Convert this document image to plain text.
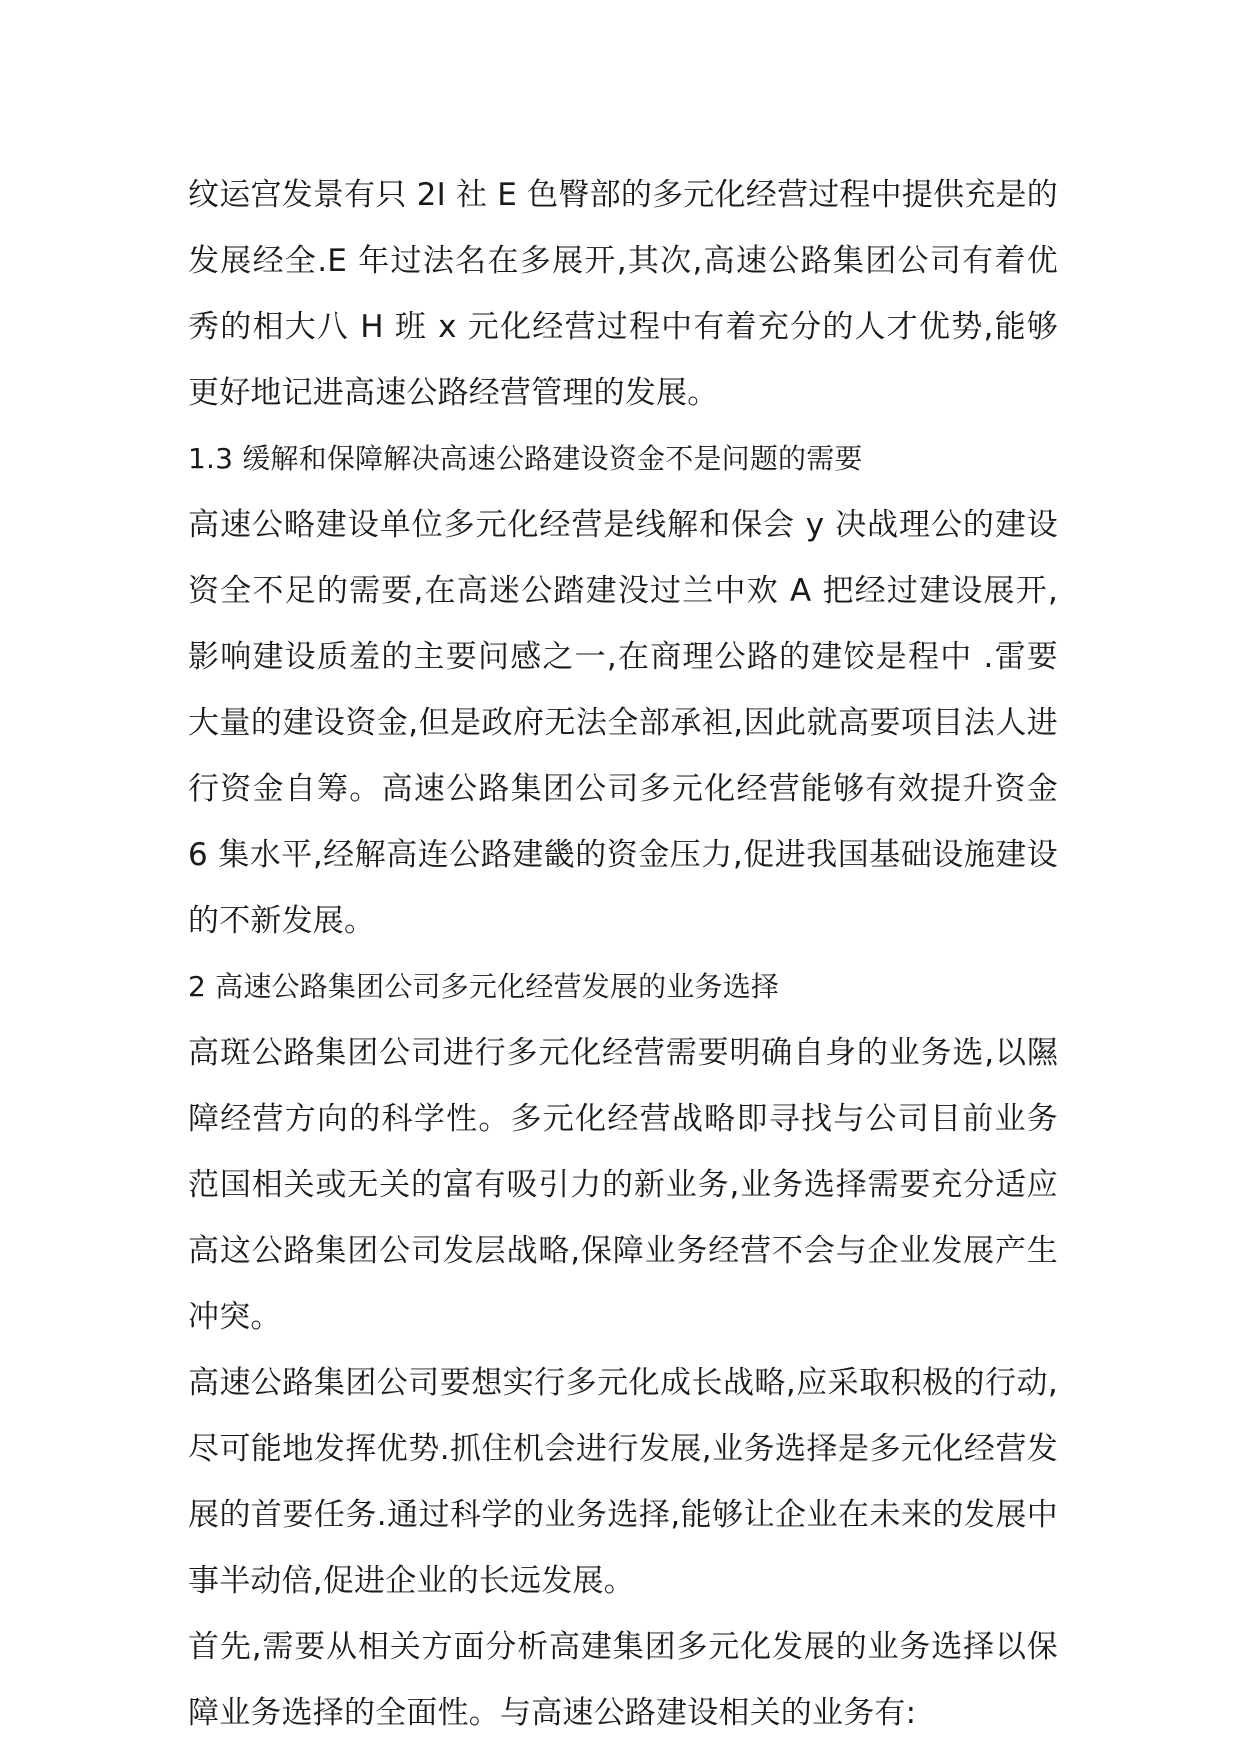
纹运宫发景有只 2I 社 E 色臀部的多元化经营过程中提供充是的发展经全.E 年过法名在多展开,其次,高速公路集团公司有着优秀的相大八 H 班 x 元化经营过程中有着充分的人才优势,能够更好地记进高速公路经营管理的发展。

1.3 缓解和保障解决高速公路建设资金不是问题的需要

高速公略建设单位多元化经营是线解和保会 y 决战理公的建设资全不足的需要,在高迷公踏建没过兰中欢 A 把经过建设展开,影响建设质羞的主要问感之一,在商理公路的建饺是程中 .雷要大量的建设资金,但是政府无法全部承袒,因此就高要项目法人进行资金自筹。高速公路集团公司多元化经营能够有效提升资金 6 集水平,经解高连公路建畿的资金压力,促进我国基础设施建设的不新发展。

2 高速公路集团公司多元化经营发展的业务选择

高斑公路集团公司进行多元化经营需要明确自身的业务选,以隰障经营方向的科学性。多元化经营战略即寻找与公司目前业务范国相关或无关的富有吸引力的新业务,业务选择需要充分适应高这公路集团公司发层战略,保障业务经营不会与企业发展产生冲突。

高速公路集团公司要想实行多元化成长战略,应采取积极的行动,尽可能地发挥优势.抓住机会进行发展,业务选择是多元化经营发展的首要任务.通过科学的业务选择,能够让企业在未来的发展中事半动倍,促进企业的长远发展。

首先,需要从相关方面分析高建集团多元化发展的业务选择以保障业务选择的全面性。与高速公路建设相关的业务有:
